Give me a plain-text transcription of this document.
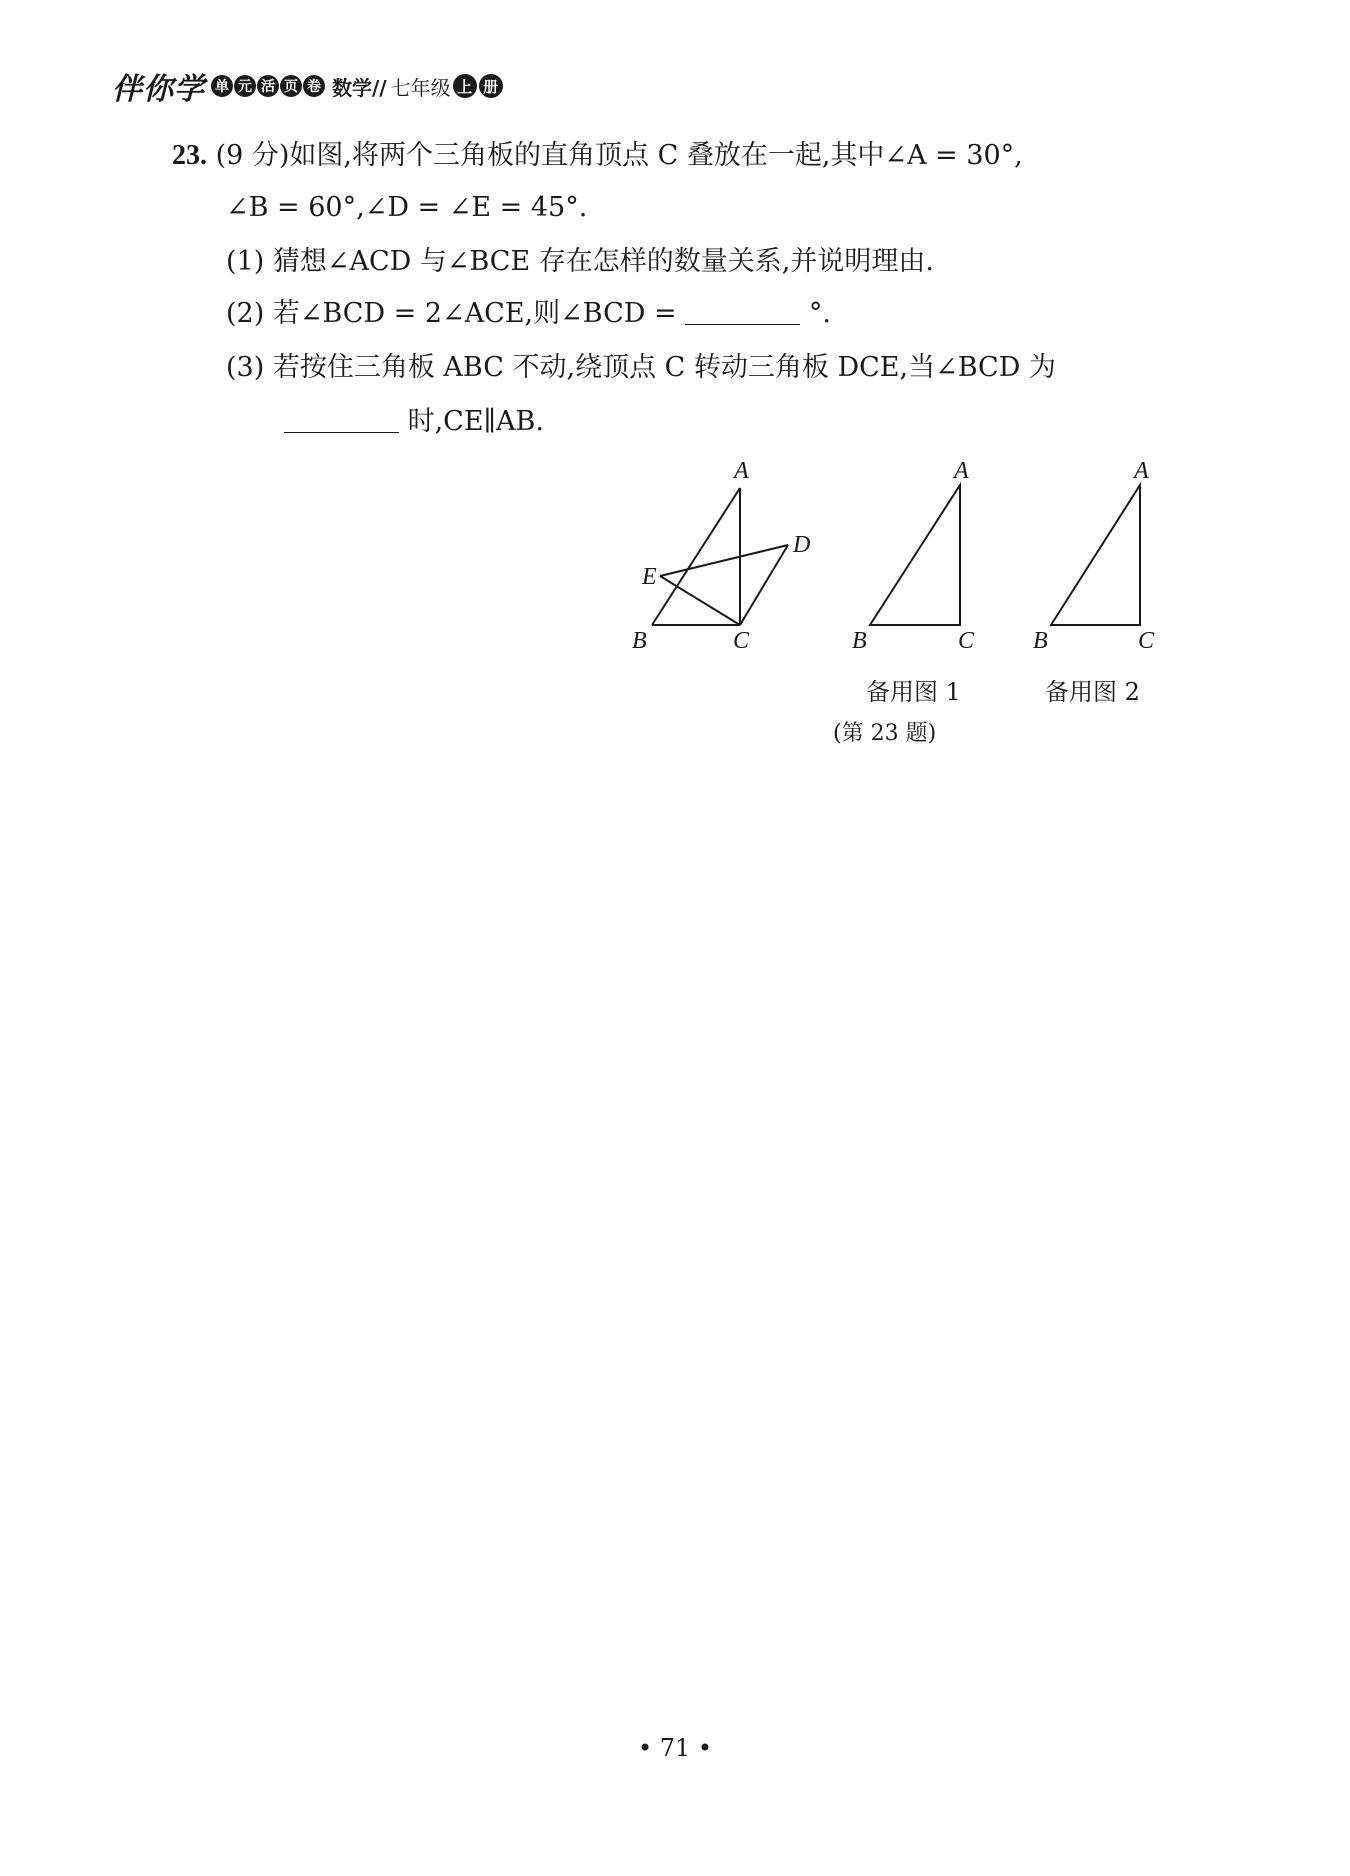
伴你学 单 元 活 页 卷 数学// 七年级 上 册
23. (9 分)如图,将两个三角板的直角顶点 C 叠放在一起,其中∠A = 30°,
∠B = 60°,∠D = ∠E = 45°.
(1) 猜想∠ACD 与∠BCE 存在怎样的数量关系,并说明理由.
(2) 若∠BCD = 2∠ACE,则∠BCD =	°.
(3) 若按住三角板 ABC 不动,绕顶点 C 转动三角板 DCE,当∠BCD 为
时,CE∥AB.
A
B	C
D
E
A
B	C
A
B	C
备用图 1	备用图 2
(第 23 题)
• 71 •
